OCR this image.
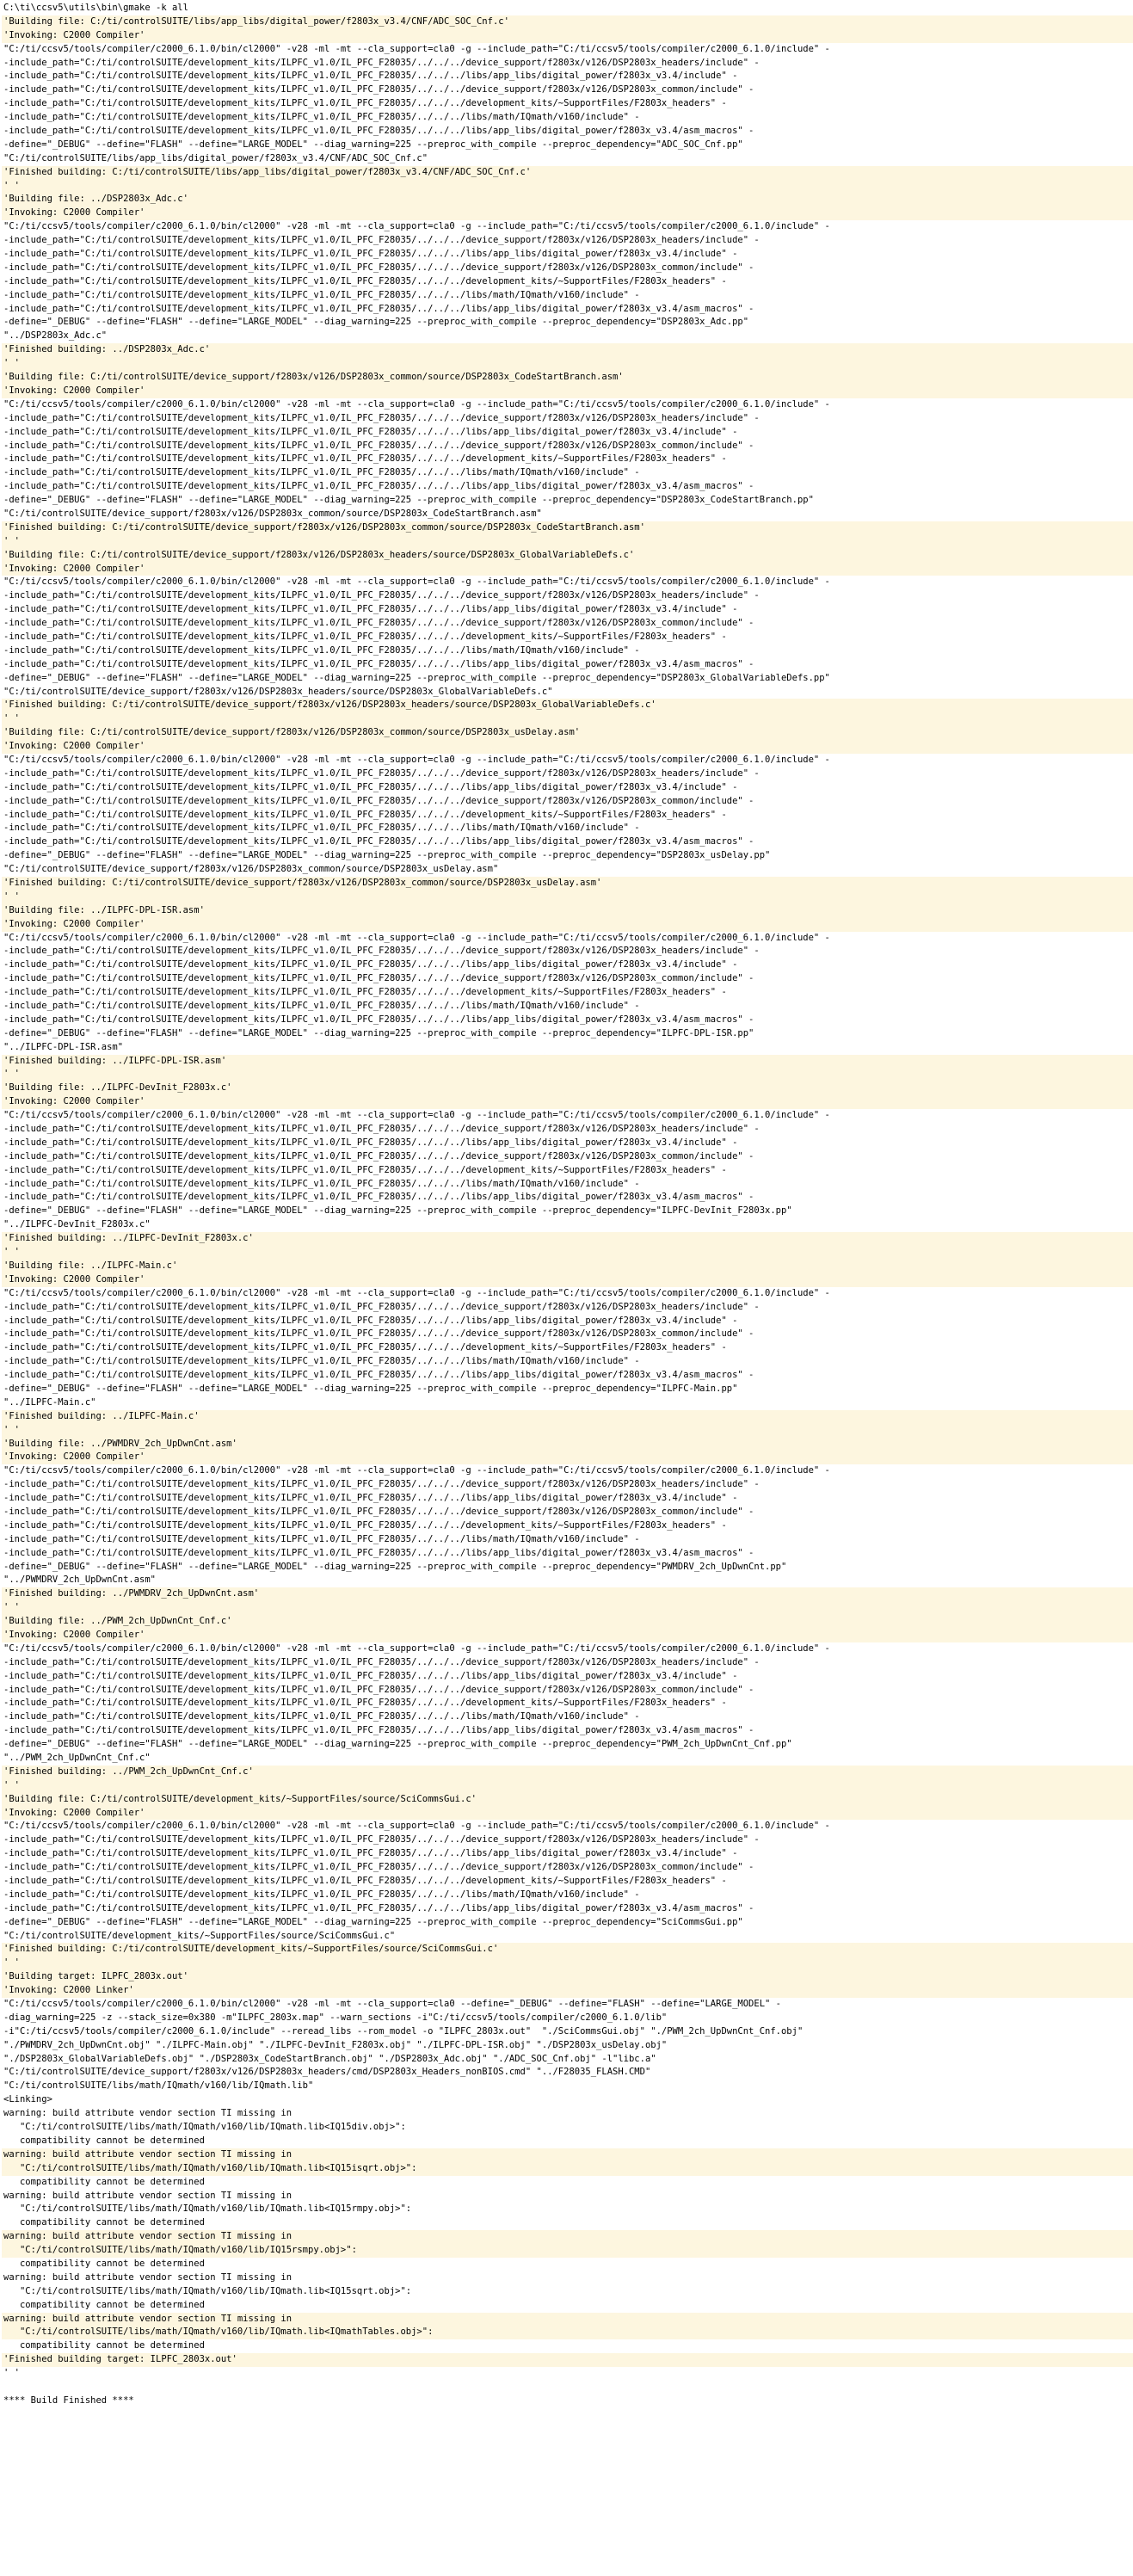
C:\ti\ccsv5\utils\bin\gmake -k all
'Building file: C:/ti/controlSUITE/libs/app_libs/digital_power/f2803x_v3.4/CNF/ADC_SOC_Cnf.c'
'Invoking: C2000 Compiler'
"C:/ti/ccsv5/tools/compiler/c2000_6.1.0/bin/cl2000" -v28 -ml -mt --cla_support=cla0 -g --include_path="C:/ti/ccsv5/tools/compiler/c2000_6.1.0/include" -
-include_path="C:/ti/controlSUITE/development_kits/ILPFC_v1.0/IL_PFC_F28035/../../../device_support/f2803x/v126/DSP2803x_headers/include" -
-include_path="C:/ti/controlSUITE/development_kits/ILPFC_v1.0/IL_PFC_F28035/../../../libs/app_libs/digital_power/f2803x_v3.4/include" -
-include_path="C:/ti/controlSUITE/development_kits/ILPFC_v1.0/IL_PFC_F28035/../../../device_support/f2803x/v126/DSP2803x_common/include" -
-include_path="C:/ti/controlSUITE/development_kits/ILPFC_v1.0/IL_PFC_F28035/../../../development_kits/~SupportFiles/F2803x_headers" -
-include_path="C:/ti/controlSUITE/development_kits/ILPFC_v1.0/IL_PFC_F28035/../../../libs/math/IQmath/v160/include" -
-include_path="C:/ti/controlSUITE/development_kits/ILPFC_v1.0/IL_PFC_F28035/../../../libs/app_libs/digital_power/f2803x_v3.4/asm_macros" -
-define="_DEBUG" --define="FLASH" --define="LARGE_MODEL" --diag_warning=225 --preproc_with_compile --preproc_dependency="ADC_SOC_Cnf.pp"
"C:/ti/controlSUITE/libs/app_libs/digital_power/f2803x_v3.4/CNF/ADC_SOC_Cnf.c"
'Finished building: C:/ti/controlSUITE/libs/app_libs/digital_power/f2803x_v3.4/CNF/ADC_SOC_Cnf.c'
' '
'Building file: ../DSP2803x_Adc.c'
'Invoking: C2000 Compiler'
"C:/ti/ccsv5/tools/compiler/c2000_6.1.0/bin/cl2000" -v28 -ml -mt --cla_support=cla0 -g --include_path="C:/ti/ccsv5/tools/compiler/c2000_6.1.0/include" -
-include_path="C:/ti/controlSUITE/development_kits/ILPFC_v1.0/IL_PFC_F28035/../../../device_support/f2803x/v126/DSP2803x_headers/include" -
-include_path="C:/ti/controlSUITE/development_kits/ILPFC_v1.0/IL_PFC_F28035/../../../libs/app_libs/digital_power/f2803x_v3.4/include" -
-include_path="C:/ti/controlSUITE/development_kits/ILPFC_v1.0/IL_PFC_F28035/../../../device_support/f2803x/v126/DSP2803x_common/include" -
-include_path="C:/ti/controlSUITE/development_kits/ILPFC_v1.0/IL_PFC_F28035/../../../development_kits/~SupportFiles/F2803x_headers" -
-include_path="C:/ti/controlSUITE/development_kits/ILPFC_v1.0/IL_PFC_F28035/../../../libs/math/IQmath/v160/include" -
-include_path="C:/ti/controlSUITE/development_kits/ILPFC_v1.0/IL_PFC_F28035/../../../libs/app_libs/digital_power/f2803x_v3.4/asm_macros" -
-define="_DEBUG" --define="FLASH" --define="LARGE_MODEL" --diag_warning=225 --preproc_with_compile --preproc_dependency="DSP2803x_Adc.pp"
"../DSP2803x_Adc.c"
'Finished building: ../DSP2803x_Adc.c'
' '
'Building file: C:/ti/controlSUITE/device_support/f2803x/v126/DSP2803x_common/source/DSP2803x_CodeStartBranch.asm'
'Invoking: C2000 Compiler'
"C:/ti/ccsv5/tools/compiler/c2000_6.1.0/bin/cl2000" -v28 -ml -mt --cla_support=cla0 -g --include_path="C:/ti/ccsv5/tools/compiler/c2000_6.1.0/include" -
-include_path="C:/ti/controlSUITE/development_kits/ILPFC_v1.0/IL_PFC_F28035/../../../device_support/f2803x/v126/DSP2803x_headers/include" -
-include_path="C:/ti/controlSUITE/development_kits/ILPFC_v1.0/IL_PFC_F28035/../../../libs/app_libs/digital_power/f2803x_v3.4/include" -
-include_path="C:/ti/controlSUITE/development_kits/ILPFC_v1.0/IL_PFC_F28035/../../../device_support/f2803x/v126/DSP2803x_common/include" -
-include_path="C:/ti/controlSUITE/development_kits/ILPFC_v1.0/IL_PFC_F28035/../../../development_kits/~SupportFiles/F2803x_headers" -
-include_path="C:/ti/controlSUITE/development_kits/ILPFC_v1.0/IL_PFC_F28035/../../../libs/math/IQmath/v160/include" -
-include_path="C:/ti/controlSUITE/development_kits/ILPFC_v1.0/IL_PFC_F28035/../../../libs/app_libs/digital_power/f2803x_v3.4/asm_macros" -
-define="_DEBUG" --define="FLASH" --define="LARGE_MODEL" --diag_warning=225 --preproc_with_compile --preproc_dependency="DSP2803x_CodeStartBranch.pp"
"C:/ti/controlSUITE/device_support/f2803x/v126/DSP2803x_common/source/DSP2803x_CodeStartBranch.asm"
'Finished building: C:/ti/controlSUITE/device_support/f2803x/v126/DSP2803x_common/source/DSP2803x_CodeStartBranch.asm'
' '
'Building file: C:/ti/controlSUITE/device_support/f2803x/v126/DSP2803x_headers/source/DSP2803x_GlobalVariableDefs.c'
'Invoking: C2000 Compiler'
"C:/ti/ccsv5/tools/compiler/c2000_6.1.0/bin/cl2000" -v28 -ml -mt --cla_support=cla0 -g --include_path="C:/ti/ccsv5/tools/compiler/c2000_6.1.0/include" -
-include_path="C:/ti/controlSUITE/development_kits/ILPFC_v1.0/IL_PFC_F28035/../../../device_support/f2803x/v126/DSP2803x_headers/include" -
-include_path="C:/ti/controlSUITE/development_kits/ILPFC_v1.0/IL_PFC_F28035/../../../libs/app_libs/digital_power/f2803x_v3.4/include" -
-include_path="C:/ti/controlSUITE/development_kits/ILPFC_v1.0/IL_PFC_F28035/../../../device_support/f2803x/v126/DSP2803x_common/include" -
-include_path="C:/ti/controlSUITE/development_kits/ILPFC_v1.0/IL_PFC_F28035/../../../development_kits/~SupportFiles/F2803x_headers" -
-include_path="C:/ti/controlSUITE/development_kits/ILPFC_v1.0/IL_PFC_F28035/../../../libs/math/IQmath/v160/include" -
-include_path="C:/ti/controlSUITE/development_kits/ILPFC_v1.0/IL_PFC_F28035/../../../libs/app_libs/digital_power/f2803x_v3.4/asm_macros" -
-define="_DEBUG" --define="FLASH" --define="LARGE_MODEL" --diag_warning=225 --preproc_with_compile --preproc_dependency="DSP2803x_GlobalVariableDefs.pp"
"C:/ti/controlSUITE/device_support/f2803x/v126/DSP2803x_headers/source/DSP2803x_GlobalVariableDefs.c"
'Finished building: C:/ti/controlSUITE/device_support/f2803x/v126/DSP2803x_headers/source/DSP2803x_GlobalVariableDefs.c'
' '
'Building file: C:/ti/controlSUITE/device_support/f2803x/v126/DSP2803x_common/source/DSP2803x_usDelay.asm'
'Invoking: C2000 Compiler'
"C:/ti/ccsv5/tools/compiler/c2000_6.1.0/bin/cl2000" -v28 -ml -mt --cla_support=cla0 -g --include_path="C:/ti/ccsv5/tools/compiler/c2000_6.1.0/include" -
-include_path="C:/ti/controlSUITE/development_kits/ILPFC_v1.0/IL_PFC_F28035/../../../device_support/f2803x/v126/DSP2803x_headers/include" -
-include_path="C:/ti/controlSUITE/development_kits/ILPFC_v1.0/IL_PFC_F28035/../../../libs/app_libs/digital_power/f2803x_v3.4/include" -
-include_path="C:/ti/controlSUITE/development_kits/ILPFC_v1.0/IL_PFC_F28035/../../../device_support/f2803x/v126/DSP2803x_common/include" -
-include_path="C:/ti/controlSUITE/development_kits/ILPFC_v1.0/IL_PFC_F28035/../../../development_kits/~SupportFiles/F2803x_headers" -
-include_path="C:/ti/controlSUITE/development_kits/ILPFC_v1.0/IL_PFC_F28035/../../../libs/math/IQmath/v160/include" -
-include_path="C:/ti/controlSUITE/development_kits/ILPFC_v1.0/IL_PFC_F28035/../../../libs/app_libs/digital_power/f2803x_v3.4/asm_macros" -
-define="_DEBUG" --define="FLASH" --define="LARGE_MODEL" --diag_warning=225 --preproc_with_compile --preproc_dependency="DSP2803x_usDelay.pp"
"C:/ti/controlSUITE/device_support/f2803x/v126/DSP2803x_common/source/DSP2803x_usDelay.asm"
'Finished building: C:/ti/controlSUITE/device_support/f2803x/v126/DSP2803x_common/source/DSP2803x_usDelay.asm'
' '
'Building file: ../ILPFC-DPL-ISR.asm'
'Invoking: C2000 Compiler'
"C:/ti/ccsv5/tools/compiler/c2000_6.1.0/bin/cl2000" -v28 -ml -mt --cla_support=cla0 -g --include_path="C:/ti/ccsv5/tools/compiler/c2000_6.1.0/include" -
-include_path="C:/ti/controlSUITE/development_kits/ILPFC_v1.0/IL_PFC_F28035/../../../device_support/f2803x/v126/DSP2803x_headers/include" -
-include_path="C:/ti/controlSUITE/development_kits/ILPFC_v1.0/IL_PFC_F28035/../../../libs/app_libs/digital_power/f2803x_v3.4/include" -
-include_path="C:/ti/controlSUITE/development_kits/ILPFC_v1.0/IL_PFC_F28035/../../../device_support/f2803x/v126/DSP2803x_common/include" -
-include_path="C:/ti/controlSUITE/development_kits/ILPFC_v1.0/IL_PFC_F28035/../../../development_kits/~SupportFiles/F2803x_headers" -
-include_path="C:/ti/controlSUITE/development_kits/ILPFC_v1.0/IL_PFC_F28035/../../../libs/math/IQmath/v160/include" -
-include_path="C:/ti/controlSUITE/development_kits/ILPFC_v1.0/IL_PFC_F28035/../../../libs/app_libs/digital_power/f2803x_v3.4/asm_macros" -
-define="_DEBUG" --define="FLASH" --define="LARGE_MODEL" --diag_warning=225 --preproc_with_compile --preproc_dependency="ILPFC-DPL-ISR.pp"
"../ILPFC-DPL-ISR.asm"
'Finished building: ../ILPFC-DPL-ISR.asm'
' '
'Building file: ../ILPFC-DevInit_F2803x.c'
'Invoking: C2000 Compiler'
"C:/ti/ccsv5/tools/compiler/c2000_6.1.0/bin/cl2000" -v28 -ml -mt --cla_support=cla0 -g --include_path="C:/ti/ccsv5/tools/compiler/c2000_6.1.0/include" -
-include_path="C:/ti/controlSUITE/development_kits/ILPFC_v1.0/IL_PFC_F28035/../../../device_support/f2803x/v126/DSP2803x_headers/include" -
-include_path="C:/ti/controlSUITE/development_kits/ILPFC_v1.0/IL_PFC_F28035/../../../libs/app_libs/digital_power/f2803x_v3.4/include" -
-include_path="C:/ti/controlSUITE/development_kits/ILPFC_v1.0/IL_PFC_F28035/../../../device_support/f2803x/v126/DSP2803x_common/include" -
-include_path="C:/ti/controlSUITE/development_kits/ILPFC_v1.0/IL_PFC_F28035/../../../development_kits/~SupportFiles/F2803x_headers" -
-include_path="C:/ti/controlSUITE/development_kits/ILPFC_v1.0/IL_PFC_F28035/../../../libs/math/IQmath/v160/include" -
-include_path="C:/ti/controlSUITE/development_kits/ILPFC_v1.0/IL_PFC_F28035/../../../libs/app_libs/digital_power/f2803x_v3.4/asm_macros" -
-define="_DEBUG" --define="FLASH" --define="LARGE_MODEL" --diag_warning=225 --preproc_with_compile --preproc_dependency="ILPFC-DevInit_F2803x.pp"
"../ILPFC-DevInit_F2803x.c"
'Finished building: ../ILPFC-DevInit_F2803x.c'
' '
'Building file: ../ILPFC-Main.c'
'Invoking: C2000 Compiler'
"C:/ti/ccsv5/tools/compiler/c2000_6.1.0/bin/cl2000" -v28 -ml -mt --cla_support=cla0 -g --include_path="C:/ti/ccsv5/tools/compiler/c2000_6.1.0/include" -
-include_path="C:/ti/controlSUITE/development_kits/ILPFC_v1.0/IL_PFC_F28035/../../../device_support/f2803x/v126/DSP2803x_headers/include" -
-include_path="C:/ti/controlSUITE/development_kits/ILPFC_v1.0/IL_PFC_F28035/../../../libs/app_libs/digital_power/f2803x_v3.4/include" -
-include_path="C:/ti/controlSUITE/development_kits/ILPFC_v1.0/IL_PFC_F28035/../../../device_support/f2803x/v126/DSP2803x_common/include" -
-include_path="C:/ti/controlSUITE/development_kits/ILPFC_v1.0/IL_PFC_F28035/../../../development_kits/~SupportFiles/F2803x_headers" -
-include_path="C:/ti/controlSUITE/development_kits/ILPFC_v1.0/IL_PFC_F28035/../../../libs/math/IQmath/v160/include" -
-include_path="C:/ti/controlSUITE/development_kits/ILPFC_v1.0/IL_PFC_F28035/../../../libs/app_libs/digital_power/f2803x_v3.4/asm_macros" -
-define="_DEBUG" --define="FLASH" --define="LARGE_MODEL" --diag_warning=225 --preproc_with_compile --preproc_dependency="ILPFC-Main.pp"
"../ILPFC-Main.c"
'Finished building: ../ILPFC-Main.c'
' '
'Building file: ../PWMDRV_2ch_UpDwnCnt.asm'
'Invoking: C2000 Compiler'
"C:/ti/ccsv5/tools/compiler/c2000_6.1.0/bin/cl2000" -v28 -ml -mt --cla_support=cla0 -g --include_path="C:/ti/ccsv5/tools/compiler/c2000_6.1.0/include" -
-include_path="C:/ti/controlSUITE/development_kits/ILPFC_v1.0/IL_PFC_F28035/../../../device_support/f2803x/v126/DSP2803x_headers/include" -
-include_path="C:/ti/controlSUITE/development_kits/ILPFC_v1.0/IL_PFC_F28035/../../../libs/app_libs/digital_power/f2803x_v3.4/include" -
-include_path="C:/ti/controlSUITE/development_kits/ILPFC_v1.0/IL_PFC_F28035/../../../device_support/f2803x/v126/DSP2803x_common/include" -
-include_path="C:/ti/controlSUITE/development_kits/ILPFC_v1.0/IL_PFC_F28035/../../../development_kits/~SupportFiles/F2803x_headers" -
-include_path="C:/ti/controlSUITE/development_kits/ILPFC_v1.0/IL_PFC_F28035/../../../libs/math/IQmath/v160/include" -
-include_path="C:/ti/controlSUITE/development_kits/ILPFC_v1.0/IL_PFC_F28035/../../../libs/app_libs/digital_power/f2803x_v3.4/asm_macros" -
-define="_DEBUG" --define="FLASH" --define="LARGE_MODEL" --diag_warning=225 --preproc_with_compile --preproc_dependency="PWMDRV_2ch_UpDwnCnt.pp"
"../PWMDRV_2ch_UpDwnCnt.asm"
'Finished building: ../PWMDRV_2ch_UpDwnCnt.asm'
' '
'Building file: ../PWM_2ch_UpDwnCnt_Cnf.c'
'Invoking: C2000 Compiler'
"C:/ti/ccsv5/tools/compiler/c2000_6.1.0/bin/cl2000" -v28 -ml -mt --cla_support=cla0 -g --include_path="C:/ti/ccsv5/tools/compiler/c2000_6.1.0/include" -
-include_path="C:/ti/controlSUITE/development_kits/ILPFC_v1.0/IL_PFC_F28035/../../../device_support/f2803x/v126/DSP2803x_headers/include" -
-include_path="C:/ti/controlSUITE/development_kits/ILPFC_v1.0/IL_PFC_F28035/../../../libs/app_libs/digital_power/f2803x_v3.4/include" -
-include_path="C:/ti/controlSUITE/development_kits/ILPFC_v1.0/IL_PFC_F28035/../../../device_support/f2803x/v126/DSP2803x_common/include" -
-include_path="C:/ti/controlSUITE/development_kits/ILPFC_v1.0/IL_PFC_F28035/../../../development_kits/~SupportFiles/F2803x_headers" -
-include_path="C:/ti/controlSUITE/development_kits/ILPFC_v1.0/IL_PFC_F28035/../../../libs/math/IQmath/v160/include" -
-include_path="C:/ti/controlSUITE/development_kits/ILPFC_v1.0/IL_PFC_F28035/../../../libs/app_libs/digital_power/f2803x_v3.4/asm_macros" -
-define="_DEBUG" --define="FLASH" --define="LARGE_MODEL" --diag_warning=225 --preproc_with_compile --preproc_dependency="PWM_2ch_UpDwnCnt_Cnf.pp"
"../PWM_2ch_UpDwnCnt_Cnf.c"
'Finished building: ../PWM_2ch_UpDwnCnt_Cnf.c'
' '
'Building file: C:/ti/controlSUITE/development_kits/~SupportFiles/source/SciCommsGui.c'
'Invoking: C2000 Compiler'
"C:/ti/ccsv5/tools/compiler/c2000_6.1.0/bin/cl2000" -v28 -ml -mt --cla_support=cla0 -g --include_path="C:/ti/ccsv5/tools/compiler/c2000_6.1.0/include" -
-include_path="C:/ti/controlSUITE/development_kits/ILPFC_v1.0/IL_PFC_F28035/../../../device_support/f2803x/v126/DSP2803x_headers/include" -
-include_path="C:/ti/controlSUITE/development_kits/ILPFC_v1.0/IL_PFC_F28035/../../../libs/app_libs/digital_power/f2803x_v3.4/include" -
-include_path="C:/ti/controlSUITE/development_kits/ILPFC_v1.0/IL_PFC_F28035/../../../device_support/f2803x/v126/DSP2803x_common/include" -
-include_path="C:/ti/controlSUITE/development_kits/ILPFC_v1.0/IL_PFC_F28035/../../../development_kits/~SupportFiles/F2803x_headers" -
-include_path="C:/ti/controlSUITE/development_kits/ILPFC_v1.0/IL_PFC_F28035/../../../libs/math/IQmath/v160/include" -
-include_path="C:/ti/controlSUITE/development_kits/ILPFC_v1.0/IL_PFC_F28035/../../../libs/app_libs/digital_power/f2803x_v3.4/asm_macros" -
-define="_DEBUG" --define="FLASH" --define="LARGE_MODEL" --diag_warning=225 --preproc_with_compile --preproc_dependency="SciCommsGui.pp"
"C:/ti/controlSUITE/development_kits/~SupportFiles/source/SciCommsGui.c"
'Finished building: C:/ti/controlSUITE/development_kits/~SupportFiles/source/SciCommsGui.c'
' '
'Building target: ILPFC_2803x.out'
'Invoking: C2000 Linker'
"C:/ti/ccsv5/tools/compiler/c2000_6.1.0/bin/cl2000" -v28 -ml -mt --cla_support=cla0 --define="_DEBUG" --define="FLASH" --define="LARGE_MODEL" -
-diag_warning=225 -z --stack_size=0x380 -m"ILPFC_2803x.map" --warn_sections -i"C:/ti/ccsv5/tools/compiler/c2000_6.1.0/lib"
-i"C:/ti/ccsv5/tools/compiler/c2000_6.1.0/include" --reread_libs --rom_model -o "ILPFC_2803x.out"  "./SciCommsGui.obj" "./PWM_2ch_UpDwnCnt_Cnf.obj"
"./PWMDRV_2ch_UpDwnCnt.obj" "./ILPFC-Main.obj" "./ILPFC-DevInit_F2803x.obj" "./ILPFC-DPL-ISR.obj" "./DSP2803x_usDelay.obj"
"./DSP2803x_GlobalVariableDefs.obj" "./DSP2803x_CodeStartBranch.obj" "./DSP2803x_Adc.obj" "./ADC_SOC_Cnf.obj" -l"libc.a"
"C:/ti/controlSUITE/device_support/f2803x/v126/DSP2803x_headers/cmd/DSP2803x_Headers_nonBIOS.cmd" "../F28035_FLASH.CMD"
"C:/ti/controlSUITE/libs/math/IQmath/v160/lib/IQmath.lib"
<Linking>
warning: build attribute vendor section TI missing in
"C:/ti/controlSUITE/libs/math/IQmath/v160/lib/IQmath.lib<IQ15div.obj>":
compatibility cannot be determined
warning: build attribute vendor section TI missing in
"C:/ti/controlSUITE/libs/math/IQmath/v160/lib/IQmath.lib<IQ15isqrt.obj>":
compatibility cannot be determined
warning: build attribute vendor section TI missing in
"C:/ti/controlSUITE/libs/math/IQmath/v160/lib/IQmath.lib<IQ15rmpy.obj>":
compatibility cannot be determined
warning: build attribute vendor section TI missing in
"C:/ti/controlSUITE/libs/math/IQmath/v160/lib/IQ15rsmpy.obj>":
compatibility cannot be determined
warning: build attribute vendor section TI missing in
"C:/ti/controlSUITE/libs/math/IQmath/v160/lib/IQmath.lib<IQ15sqrt.obj>":
compatibility cannot be determined
warning: build attribute vendor section TI missing in
"C:/ti/controlSUITE/libs/math/IQmath/v160/lib/IQmath.lib<IQmathTables.obj>":
compatibility cannot be determined
'Finished building target: ILPFC_2803x.out'
' '
**** Build Finished ****
